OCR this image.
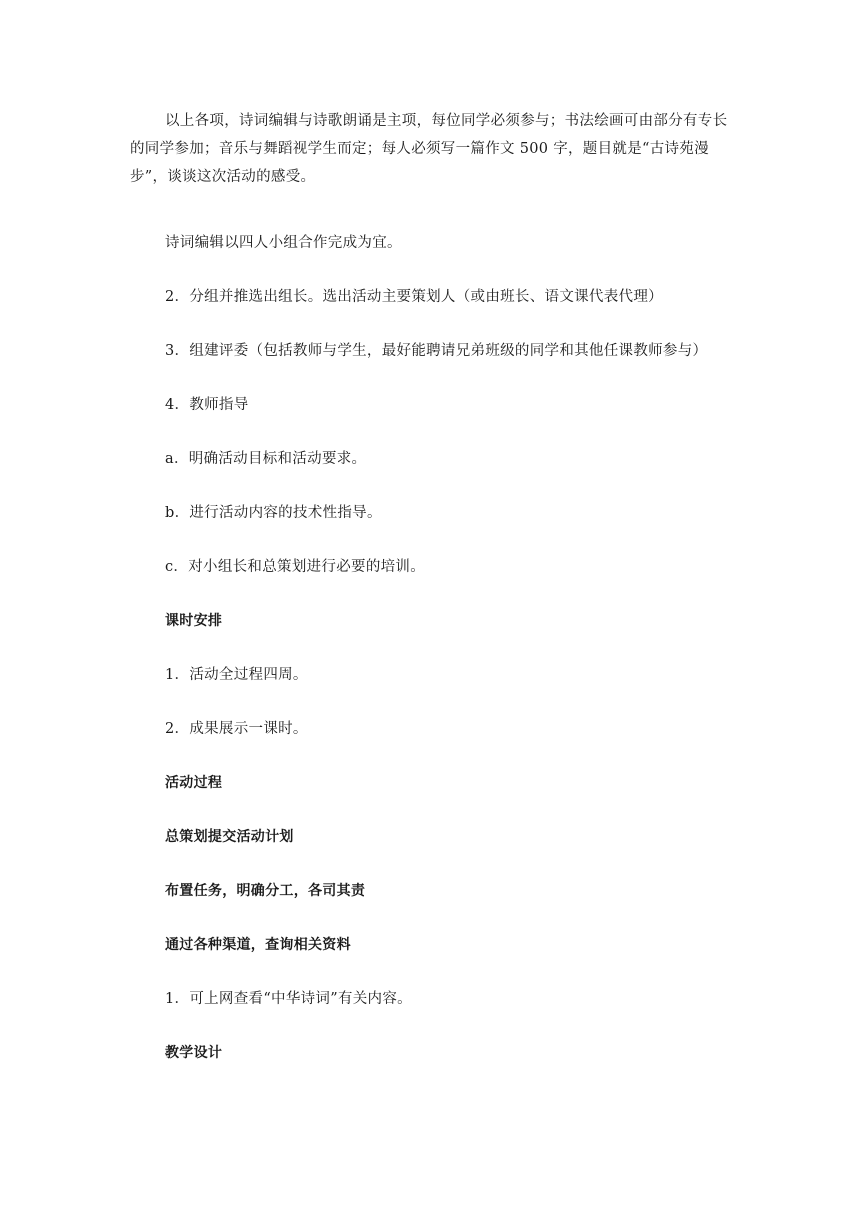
以上各项，诗词编辑与诗歌朗诵是主项，每位同学必须参与；书法绘画可由部分有专长的同学参加；音乐与舞蹈视学生而定；每人必须写一篇作文 500 字，题目就是“古诗苑漫步”，谈谈这次活动的感受。

诗词编辑以四人小组合作完成为宜。

2．分组并推选出组长。选出活动主要策划人（或由班长、语文课代表代理）

3．组建评委（包括教师与学生，最好能聘请兄弟班级的同学和其他任课教师参与）

4．教师指导

a．明确活动目标和活动要求。

b．进行活动内容的技术性指导。

c．对小组长和总策划进行必要的培训。

课时安排

1．活动全过程四周。

2．成果展示一课时。

活动过程

总策划提交活动计划

布置任务，明确分工，各司其责

通过各种渠道，查询相关资料

1．可上网查看“中华诗词”有关内容。

教学设计
